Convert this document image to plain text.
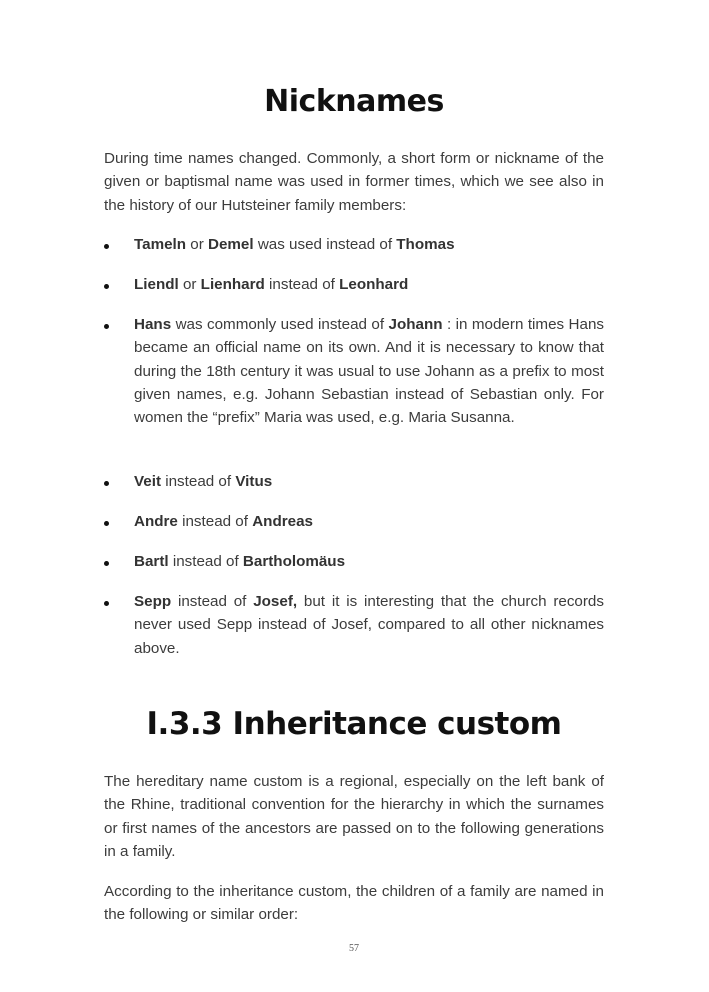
Nicknames

During time names changed. Commonly, a short form or nickname of the given or baptismal name was used in former times, which we see also in the history of our Hutsteiner family members:

Tameln or Demel was used instead of Thomas
Liendl or Lienhard instead of Leonhard
Hans was commonly used instead of Johann : in modern times Hans became an official name on its own. And it is necessary to know that during the 18th century it was usual to use Johann as a prefix to most given names, e.g. Johann Sebastian instead of Sebastian only. For women the “prefix” Maria was used, e.g. Maria Susanna.
Veit instead of Vitus
Andre instead of Andreas
Bartl instead of Bartholomäus
Sepp instead of Josef, but it is interesting that the church records never used Sepp instead of Josef, compared to all other nicknames above.
I.3.3 Inheritance custom

The hereditary name custom is a regional, especially on the left bank of the Rhine, traditional convention for the hierarchy in which the surnames or first names of the ancestors are passed on to the following generations in a family.

According to the inheritance custom, the children of a family are named in the following or similar order:

57
